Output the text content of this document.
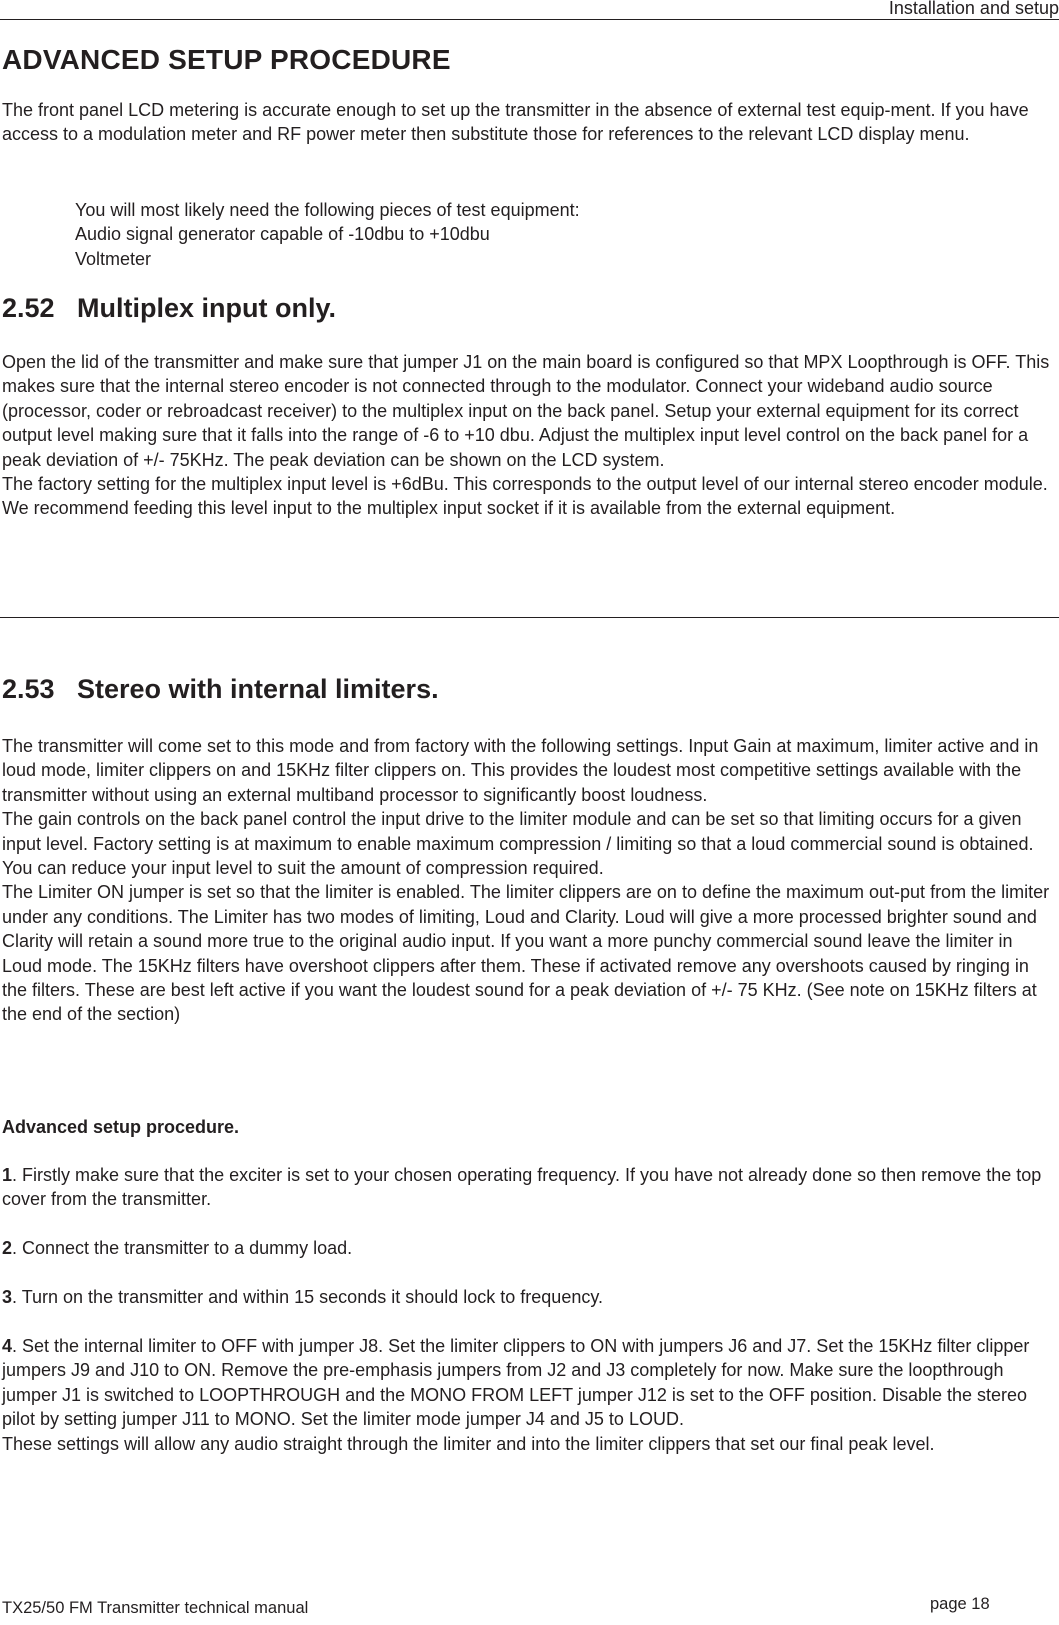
Installation and setup
ADVANCED SETUP PROCEDURE

The front panel LCD metering is accurate enough to set up the transmitter in the absence of external test equip-ment. If you have access to a modulation meter and RF power meter then substitute those for references to the relevant LCD display menu.

You will most likely need the following pieces of test equipment:
Audio signal generator capable of -10dbu to +10dbu
Voltmeter
2.52 Multiplex input only.

Open the lid of the transmitter and make sure that jumper J1 on the main board is configured so that MPX Loopthrough is OFF. This makes sure that the internal stereo encoder is not connected through to the modulator. Connect your wideband audio source (processor, coder or rebroadcast receiver) to the multiplex input on the back panel. Setup your external equipment for its correct output level making sure that it falls into the range of -6 to +10 dbu. Adjust the multiplex input level control on the back panel for a peak deviation of +/- 75KHz. The peak deviation can be shown on the LCD system.

The factory setting for the multiplex input level is +6dBu. This corresponds to the output level of our internal stereo encoder module. We recommend feeding this level input to the multiplex input socket if it is available from the external equipment.

2.53 Stereo with internal limiters.

The transmitter will come set to this mode and from factory with the following settings. Input Gain at maximum, limiter active and in loud mode, limiter clippers on and 15KHz filter clippers on. This provides the loudest most competitive settings available with the transmitter without using an external multiband processor to significantly boost loudness.

The gain controls on the back panel control the input drive to the limiter module and can be set so that limiting occurs for a given input level. Factory setting is at maximum to enable maximum compression / limiting so that a loud commercial sound is obtained. You can reduce your input level to suit the amount of compression required.

The Limiter ON jumper is set so that the limiter is enabled. The limiter clippers are on to define the maximum out-put from the limiter under any conditions. The Limiter has two modes of limiting, Loud and Clarity. Loud will give a more processed brighter sound and Clarity will retain a sound more true to the original audio input. If you want a more punchy commercial sound leave the limiter in Loud mode. The 15KHz filters have overshoot clippers after them. These if activated remove any overshoots caused by ringing in the filters. These are best left active if you want the loudest sound for a peak deviation of +/- 75 KHz. (See note on 15KHz filters at the end of the section)

Advanced setup procedure.

1. Firstly make sure that the exciter is set to your chosen operating frequency. If you have not already done so then remove the top cover from the transmitter.

2. Connect the transmitter to a dummy load.

3. Turn on the transmitter and within 15 seconds it should lock to frequency.

4. Set the internal limiter to OFF with jumper J8. Set the limiter clippers to ON with jumpers J6 and J7. Set the 15KHz filter clipper jumpers J9 and J10 to ON. Remove the pre-emphasis jumpers from J2 and J3 completely for now. Make sure the loopthrough jumper J1 is switched to LOOPTHROUGH and the MONO FROM LEFT jumper J12 is set to the OFF position. Disable the stereo pilot by setting jumper J11 to MONO. Set the limiter mode jumper J4 and J5 to LOUD.

These settings will allow any audio straight through the limiter and into the limiter clippers that set our final peak level.

TX25/50 FM Transmitter technical manual	page 18
